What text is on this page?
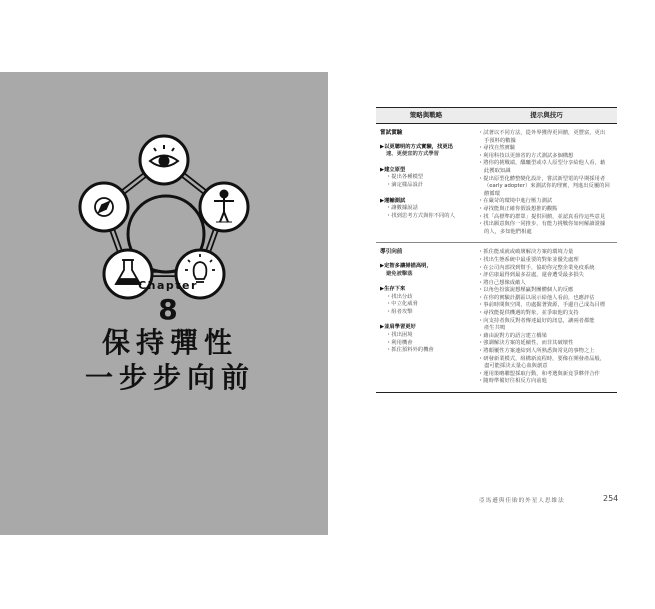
Chapter
8
保持彈性
一步步向前
策略與戰略	提示與技巧
嘗試實驗
▶以更聰明的方式實驗，找更迅
速、更便宜的方式學習
▶建立原型
・提出各種模型
・滴定樣品設計
▶運輸測試
・讓數據說話
・找到思考方式與你不同的人
・試著以不同方法，從外界獲得更回饋，更豐富，更出
手預料的數據
・尋找自然實驗
・利用科技以更節省的方式測試多個構想
・將你的挑戰端，醞釀型或卓人原型分享給他人看，藉
此獲取知識
・提出原型化體整變化設計，嘗試新型電的早期採用者
（early adopter）來測試你的理實，判進出反覆的回
饋循環
・在嚴苛的環境中進行壓力測試
・尋找能與正確你假設想推的觀點
・找「高標準的群眾」提供回饋，並認真看待這些意見
・找出願意與你一同推步，有能力挑戰你如何解讀證據
的人，多知他們相處
導引向前
▶定智多讓掃描高明，
避免被擊落
▶生存下來
・找出分歧
・中立化威脅
・組者攻擊
▶並肩學習更好
・找出困境
・利用機會
・抓住預料外的機會
・抓住能成就或破壞解決方案的環境力量
・找出生態系統中最重要的對象並優先處理
・在公司內部找到幫手，協助你完整企業免疫系統
・評估康最得到最多益處，還會遭受最多損失
・將自己想像成敵人
・以角色扮演說想壓贏對團體個人的反應
・在你的實驗計劃區以展示給他人看前，也應評估
・事前時間與空間，功處掘著資源，手邊自己成為目標
・尋找能提供機遇的對象，並爭取他的支持
・向支持者與反對者傳達最好的訊息，讓兩者都能
產生共鳴
・藉由說對方的語言建立橋梁
・強調解決方案的延續性，而非其破壞性
・將顛覆性方案連結到人所熟悉與常見的事物之上
・研發新業模式，組構新流程時，要像在開發產品般，
盡可能採決太量心血與創意
・運用策略聯盟採取行動，和考選與新竟爭夥伴合作
・隨時準備好往相反方向前進
亞馬遜與佳貽的外星人思維法	254
